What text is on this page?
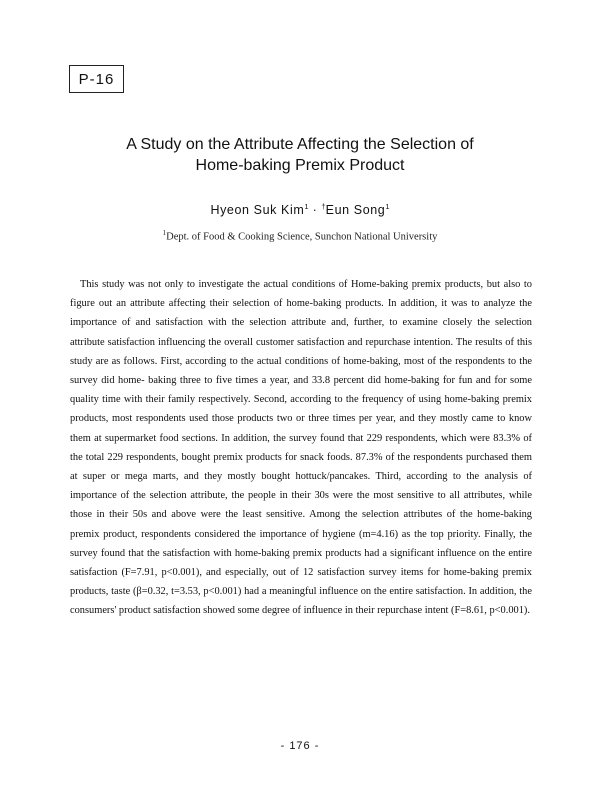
P-16
A Study on the Attribute Affecting the Selection of
Home-baking Premix Product
Hyeon Suk Kim$^1$ · †Eun Song$^1$
$^1$Dept. of Food & Cooking Science, Sunchon National University

This study was not only to investigate the actual conditions of Home-baking premix products, but also to figure out an attribute affecting their selection of home-baking products. In addition, it was to analyze the importance of and satisfaction with the selection attribute and, further, to examine closely the selection attribute satisfaction influencing the overall customer satisfaction and repurchase intention. The results of this study are as follows. First, according to the actual conditions of home-baking, most of the respondents to the survey did home- baking three to five times a year, and 33.8 percent did home-baking for fun and for some quality time with their family respectively. Second, according to the frequency of using home-baking premix products, most respondents used those products two or three times per year, and they mostly came to know them at supermarket food sections. In addition, the survey found that 229 respondents, which were 83.3% of the total 229 respondents, bought premix products for snack foods. 87.3% of the respondents purchased them at super or mega marts, and they mostly bought hottuck/pancakes. Third, according to the analysis of importance of the selection attribute, the people in their 30s were the most sensitive to all attributes, while those in their 50s and above were the least sensitive. Among the selection attributes of the home-baking premix product, respondents considered the importance of hygiene (m=4.16) as the top priority. Finally, the survey found that the satisfaction with home-baking premix products had a significant influence on the entire satisfaction (F=7.91, p<0.001), and especially, out of 12 satisfaction survey items for home-baking premix products, taste (β=0.32, t=3.53, p<0.001) had a meaningful influence on the entire satisfaction. In addition, the consumers' product satisfaction showed some degree of influence in their repurchase intent (F=8.61, p<0.001).

- 176 -
